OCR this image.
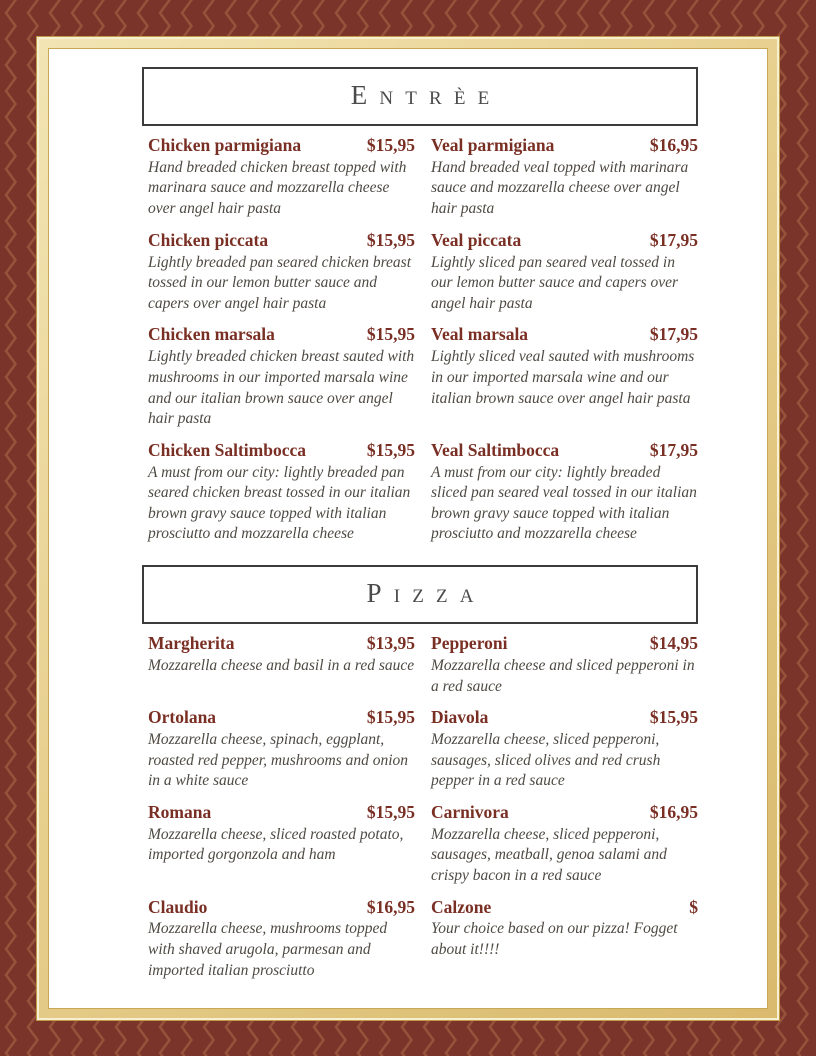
Entrèe
Chicken parmigiana	$15,95
Hand breaded chicken breast topped with marinara sauce and mozzarella cheese over angel hair pasta
Veal parmigiana	$16,95
Hand breaded veal topped with marinara sauce and mozzarella cheese over angel hair pasta
Chicken piccata	$15,95
Lightly breaded pan seared chicken breast tossed in our lemon butter sauce and capers over angel hair pasta
Veal piccata	$17,95
Lightly sliced pan seared veal tossed in our lemon butter sauce and capers over angel hair pasta
Chicken marsala	$15,95
Lightly breaded chicken breast sauted with mushrooms in our imported marsala wine and our italian brown sauce over angel hair pasta
Veal marsala	$17,95
Lightly sliced veal sauted with mushrooms in our imported marsala wine and our italian brown sauce over angel hair pasta
Chicken Saltimbocca	$15,95
A must from our city: lightly breaded pan seared chicken breast tossed in our italian brown gravy sauce topped with italian prosciutto and mozzarella cheese
Veal Saltimbocca	$17,95
A must from our city: lightly breaded sliced pan seared veal tossed in our italian brown gravy sauce topped with italian prosciutto and mozzarella cheese
Pizza
Margherita	$13,95
Mozzarella cheese and basil in a red sauce
Pepperoni	$14,95
Mozzarella cheese and sliced pepperoni in a red sauce
Ortolana	$15,95
Mozzarella cheese, spinach, eggplant, roasted red pepper, mushrooms and onion in a white sauce
Diavola	$15,95
Mozzarella cheese, sliced pepperoni, sausages, sliced olives and red crush pepper in a red sauce
Romana	$15,95
Mozzarella cheese, sliced roasted potato, imported gorgonzola and ham
Carnivora	$16,95
Mozzarella cheese, sliced pepperoni, sausages, meatball, genoa salami and crispy bacon in a red sauce
Claudio	$16,95
Mozzarella cheese, mushrooms topped with shaved arugola, parmesan and imported italian prosciutto
Calzone	$
Your choice based on our pizza! Fogget about it!!!!
